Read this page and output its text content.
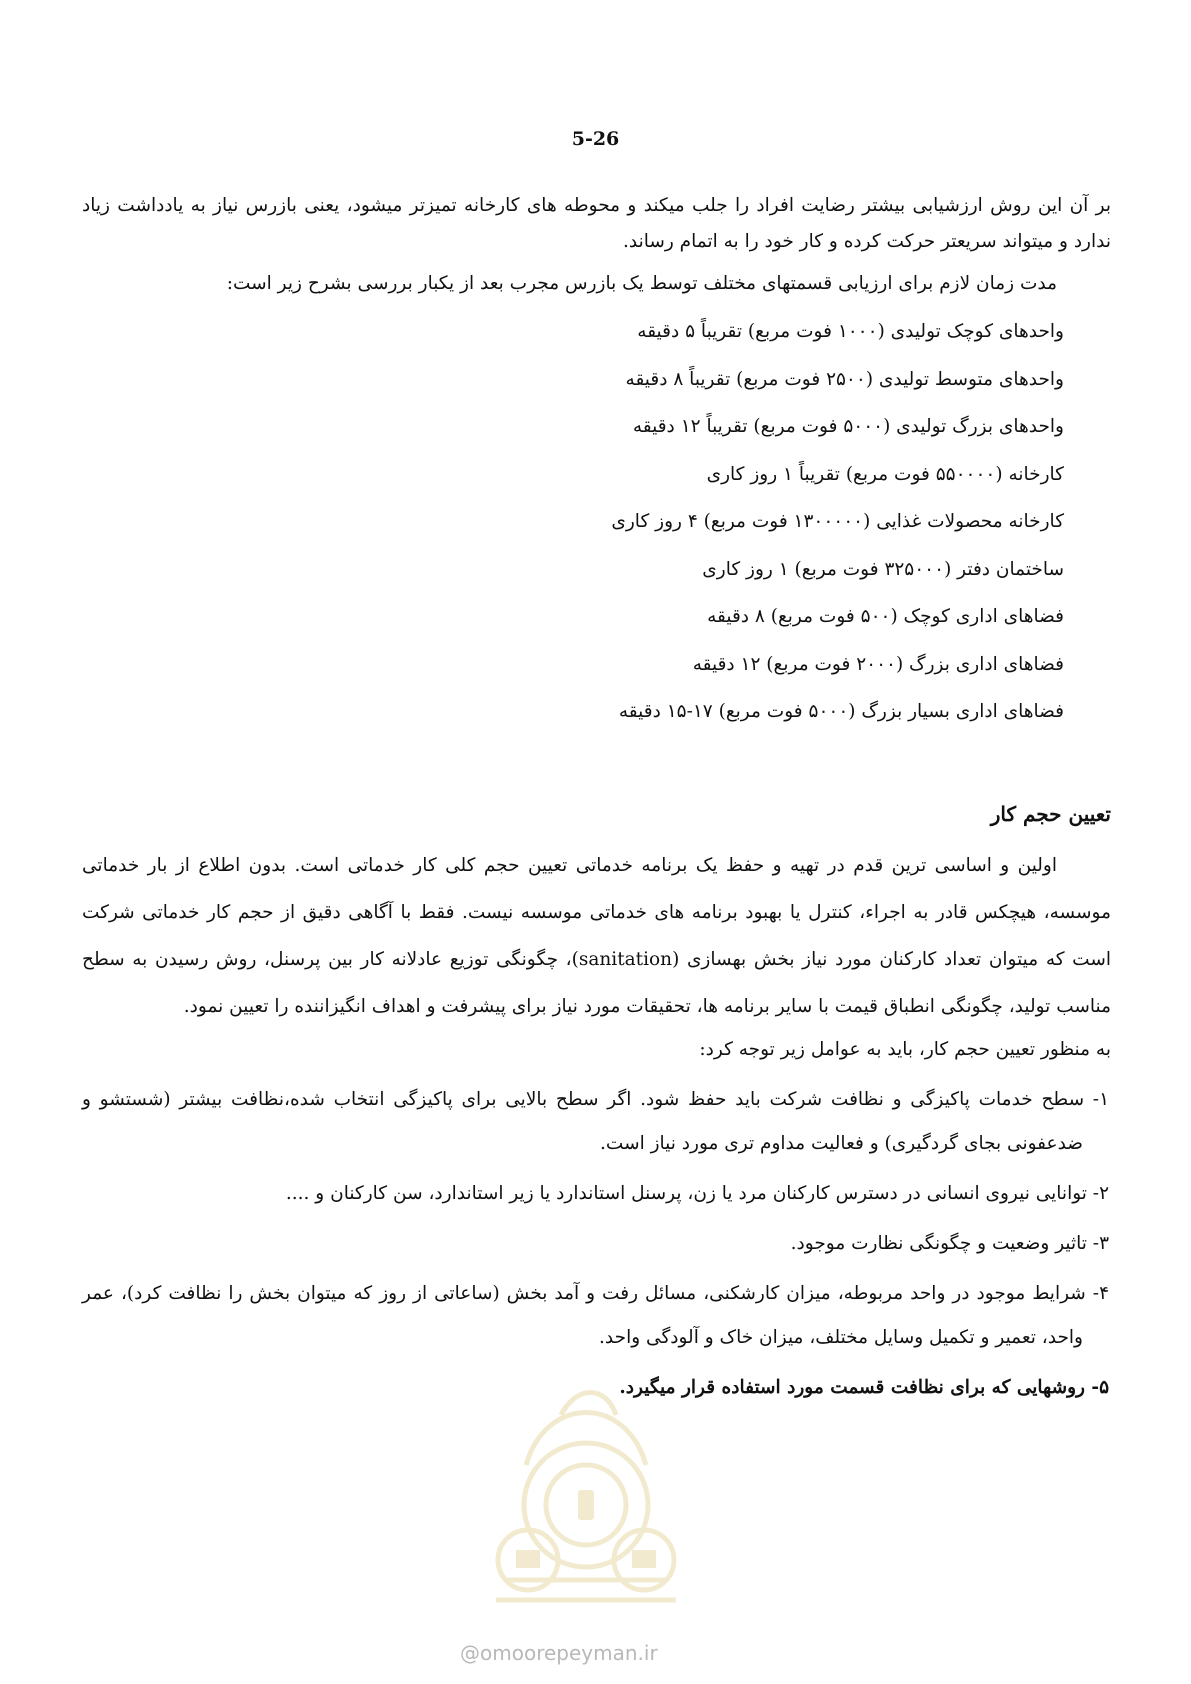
5-26

بر آن این روش ارزشیابی بیشتر رضایت افراد را جلب میکند و محوطه های کارخانه تمیزتر میشود، یعنی بازرس نیاز به یادداشت زیاد ندارد و میتواند سریعتر حرکت کرده و کار خود را به اتمام رساند.

مدت زمان لازم برای ارزیابی قسمتهای مختلف توسط یک بازرس مجرب بعد از یکبار بررسی بشرح زیر است:

واحدهای کوچک تولیدی (۱۰۰۰ فوت مربع) تقریباً ۵ دقیقه
واحدهای متوسط تولیدی (۲۵۰۰ فوت مربع) تقریباً ۸ دقیقه
واحدهای بزرگ تولیدی (۵۰۰۰ فوت مربع) تقریباً ۱۲ دقیقه
کارخانه (۵۵۰۰۰۰ فوت مربع) تقریباً ۱ روز کاری
کارخانه محصولات غذایی (۱۳۰۰۰۰۰ فوت مربع) ۴ روز کاری
ساختمان دفتر (۳۲۵۰۰۰ فوت مربع) ۱ روز کاری
فضاهای اداری کوچک (۵۰۰ فوت مربع) ۸ دقیقه
فضاهای اداری بزرگ (۲۰۰۰ فوت مربع) ۱۲ دقیقه
فضاهای اداری بسیار بزرگ (۵۰۰۰ فوت مربع) ۱۷-۱۵ دقیقه
تعیین حجم کار

اولین و اساسی ترین قدم در تهیه و حفظ یک برنامه خدماتی تعیین حجم کلی کار خدماتی است. بدون اطلاع از بار خدماتی موسسه، هیچکس قادر به اجراء، کنترل یا بهبود برنامه های خدماتی موسسه نیست. فقط با آگاهی دقیق از حجم کار خدماتی شرکت است که میتوان تعداد کارکنان مورد نیاز بخش بهسازی (sanitation)، چگونگی توزیع عادلانه کار بین پرسنل، روش رسیدن به سطح مناسب تولید، چگونگی انطباق قیمت با سایر برنامه ها، تحقیقات مورد نیاز برای پیشرفت و اهداف انگیزاننده را تعیین نمود.

به منظور تعیین حجم کار، باید به عوامل زیر توجه کرد:

۱- سطح خدمات پاکیزگی و نظافت شرکت باید حفظ شود. اگر سطح بالایی برای پاکیزگی انتخاب شده،نظافت بیشتر (شستشو و ضدعفونی بجای گردگیری) و فعالیت مداوم تری مورد نیاز است.
۲- توانایی نیروی انسانی در دسترس کارکنان مرد یا زن، پرسنل استاندارد یا زیر استاندارد، سن کارکنان و ....
۳- تاثیر وضعیت و چگونگی نظارت موجود.
۴- شرایط موجود در واحد مربوطه، میزان کارشکنی، مسائل رفت و آمد بخش (ساعاتی از روز که میتوان بخش را نظافت کرد)، عمر واحد، تعمیر و تکمیل وسایل مختلف، میزان خاک و آلودگی واحد.
۵- روشهایی که برای نظافت قسمت مورد استفاده قرار میگیرد.
@omoorepeyman.ir
